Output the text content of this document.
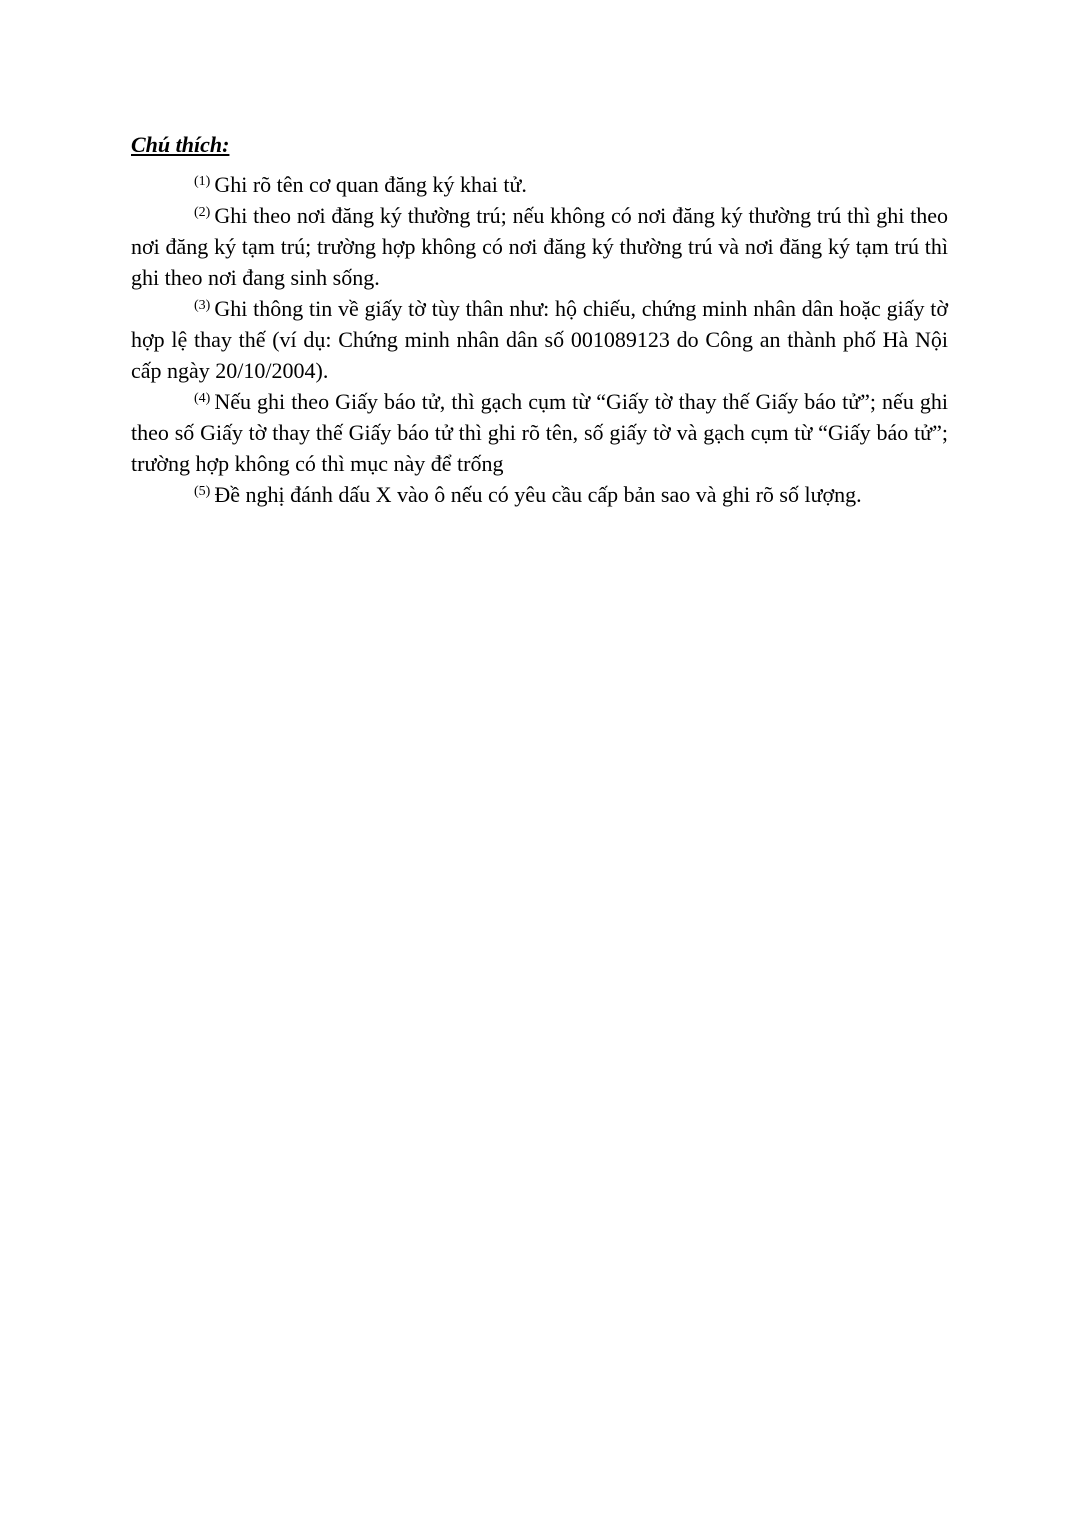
Chú thích:

$^{(1)}$ Ghi rõ tên cơ quan đăng ký khai tử.

$^{(2)}$ Ghi theo nơi đăng ký thường trú; nếu không có nơi đăng ký thường trú thì ghi theo nơi đăng ký tạm trú; trường hợp không có nơi đăng ký thường trú và nơi đăng ký tạm trú thì ghi theo nơi đang sinh sống.

$^{(3)}$ Ghi thông tin về giấy tờ tùy thân như: hộ chiếu, chứng minh nhân dân hoặc giấy tờ hợp lệ thay thế (ví dụ: Chứng minh nhân dân số 001089123 do Công an thành phố Hà Nội cấp ngày 20/10/2004).

$^{(4)}$ Nếu ghi theo Giấy báo tử, thì gạch cụm từ “Giấy tờ thay thế Giấy báo tử”; nếu ghi theo số Giấy tờ thay thế Giấy báo tử thì ghi rõ tên, số giấy tờ và gạch cụm từ “Giấy báo tử”; trường hợp không có thì mục này để trống

$^{(5)}$ Đề nghị đánh dấu X vào ô nếu có yêu cầu cấp bản sao và ghi rõ số lượng.
